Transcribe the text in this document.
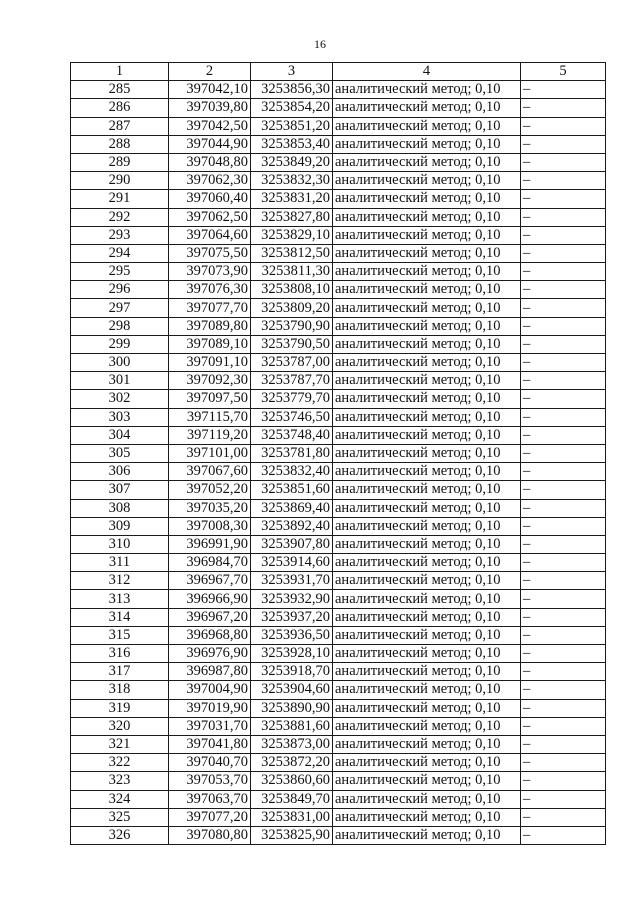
16
1	2	3	4	5
285	397042,10	3253856,30	аналитический метод; 0,10	–
286	397039,80	3253854,20	аналитический метод; 0,10	–
287	397042,50	3253851,20	аналитический метод; 0,10	–
288	397044,90	3253853,40	аналитический метод; 0,10	–
289	397048,80	3253849,20	аналитический метод; 0,10	–
290	397062,30	3253832,30	аналитический метод; 0,10	–
291	397060,40	3253831,20	аналитический метод; 0,10	–
292	397062,50	3253827,80	аналитический метод; 0,10	–
293	397064,60	3253829,10	аналитический метод; 0,10	–
294	397075,50	3253812,50	аналитический метод; 0,10	–
295	397073,90	3253811,30	аналитический метод; 0,10	–
296	397076,30	3253808,10	аналитический метод; 0,10	–
297	397077,70	3253809,20	аналитический метод; 0,10	–
298	397089,80	3253790,90	аналитический метод; 0,10	–
299	397089,10	3253790,50	аналитический метод; 0,10	–
300	397091,10	3253787,00	аналитический метод; 0,10	–
301	397092,30	3253787,70	аналитический метод; 0,10	–
302	397097,50	3253779,70	аналитический метод; 0,10	–
303	397115,70	3253746,50	аналитический метод; 0,10	–
304	397119,20	3253748,40	аналитический метод; 0,10	–
305	397101,00	3253781,80	аналитический метод; 0,10	–
306	397067,60	3253832,40	аналитический метод; 0,10	–
307	397052,20	3253851,60	аналитический метод; 0,10	–
308	397035,20	3253869,40	аналитический метод; 0,10	–
309	397008,30	3253892,40	аналитический метод; 0,10	–
310	396991,90	3253907,80	аналитический метод; 0,10	–
311	396984,70	3253914,60	аналитический метод; 0,10	–
312	396967,70	3253931,70	аналитический метод; 0,10	–
313	396966,90	3253932,90	аналитический метод; 0,10	–
314	396967,20	3253937,20	аналитический метод; 0,10	–
315	396968,80	3253936,50	аналитический метод; 0,10	–
316	396976,90	3253928,10	аналитический метод; 0,10	–
317	396987,80	3253918,70	аналитический метод; 0,10	–
318	397004,90	3253904,60	аналитический метод; 0,10	–
319	397019,90	3253890,90	аналитический метод; 0,10	–
320	397031,70	3253881,60	аналитический метод; 0,10	–
321	397041,80	3253873,00	аналитический метод; 0,10	–
322	397040,70	3253872,20	аналитический метод; 0,10	–
323	397053,70	3253860,60	аналитический метод; 0,10	–
324	397063,70	3253849,70	аналитический метод; 0,10	–
325	397077,20	3253831,00	аналитический метод; 0,10	–
326	397080,80	3253825,90	аналитический метод; 0,10	–
